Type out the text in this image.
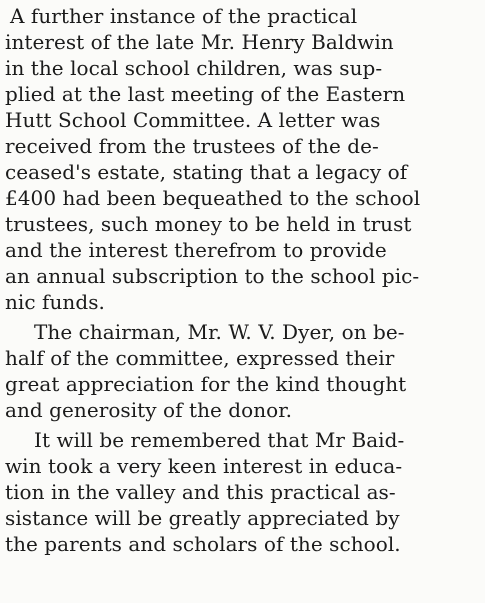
A further instance of the practical
interest of the late Mr. Henry Baldwin
in the local school children, was sup-
plied at the last meeting of the Eastern
Hutt School Committee. A letter was
received from the trustees of the de-
ceased's estate, stating that a legacy of
£400 had been bequeathed to the school
trustees, such money to be held in trust
and the interest therefrom to provide
an annual subscription to the school pic-
nic funds.
The chairman, Mr. W. V. Dyer, on be-
half of the committee, expressed their
great appreciation for the kind thought
and generosity of the donor.
It will be remembered that Mr Baid-
win took a very keen interest in educa-
tion in the valley and this practical as-
sistance will be greatly appreciated by
the parents and scholars of the school.
